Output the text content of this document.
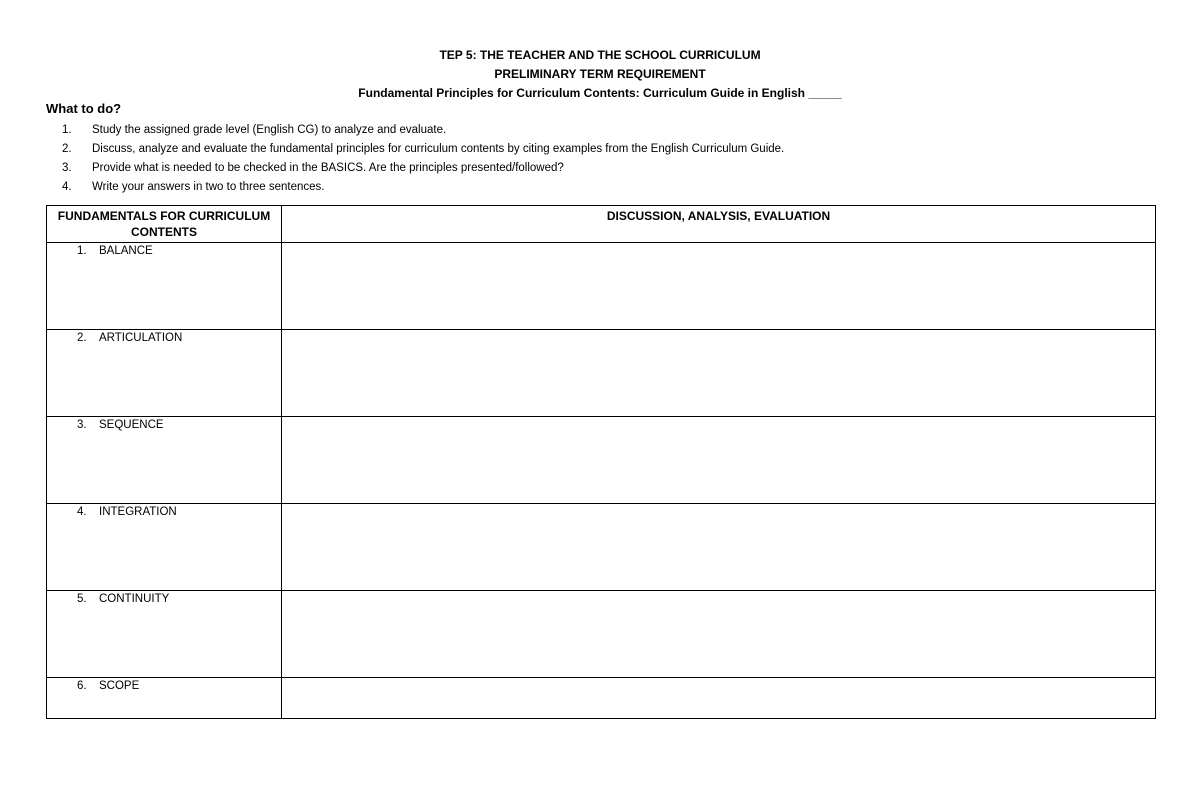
TEP 5: THE TEACHER AND THE SCHOOL CURRICULUM
PRELIMINARY TERM REQUIREMENT
Fundamental Principles for Curriculum Contents: Curriculum Guide in English _____
What to do?
1. Study the assigned grade level (English CG) to analyze and evaluate.
2. Discuss, analyze and evaluate the fundamental principles for curriculum contents by citing examples from the English Curriculum Guide.
3. Provide what is needed to be checked in the BASICS. Are the principles presented/followed?
4. Write your answers in two to three sentences.
FUNDAMENTALS FOR CURRICULUM CONTENTS	DISCUSSION, ANALYSIS, EVALUATION

1. BALANCE	

2. ARTICULATION	

3. SEQUENCE	

4. INTEGRATION	

5. CONTINUITY	

6. SCOPE	
